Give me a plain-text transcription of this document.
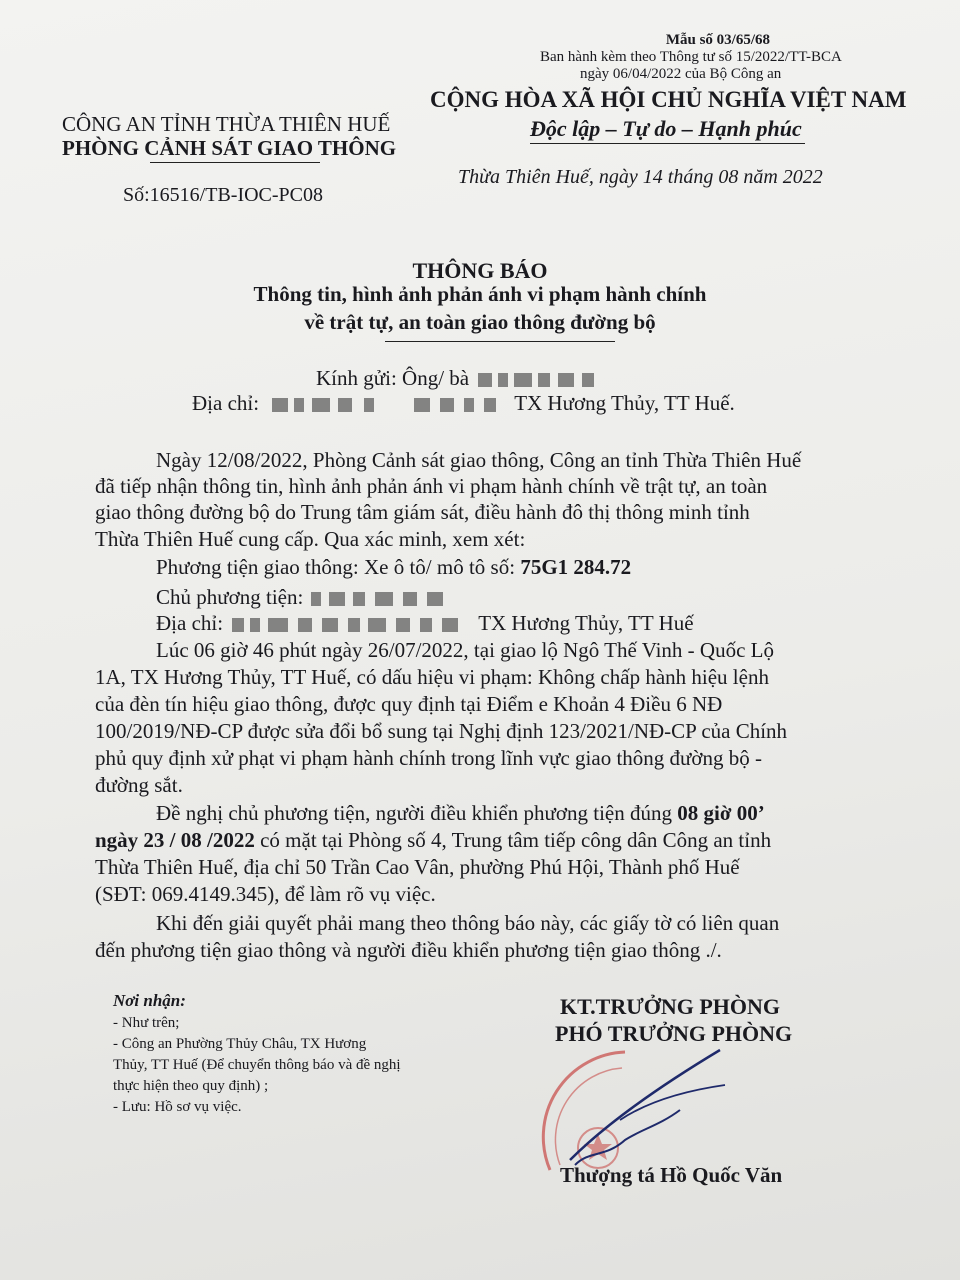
Mẫu số 03/65/68
Ban hành kèm theo Thông tư số 15/2022/TT-BCA
ngày 06/04/2022 của Bộ Công an
CÔNG AN TỈNH THỪA THIÊN HUẾ
PHÒNG CẢNH SÁT GIAO THÔNG
CỘNG HÒA XÃ HỘI CHỦ NGHĨA VIỆT NAM
Độc lập – Tự do – Hạnh phúc
Số:16516/TB-IOC-PC08
Thừa Thiên Huế, ngày 14 tháng 08 năm 2022
THÔNG BÁO
Thông tin, hình ảnh phản ánh vi phạm hành chính
về trật tự, an toàn giao thông đường bộ
Kính gửi: Ông/ bà
Địa chỉ:	TX Hương Thủy, TT Huế.
Ngày 12/08/2022, Phòng Cảnh sát giao thông, Công an tỉnh Thừa Thiên Huế
đã tiếp nhận thông tin, hình ảnh phản ánh vi phạm hành chính về trật tự, an toàn
giao thông đường bộ do Trung tâm giám sát, điều hành đô thị thông minh tỉnh
Thừa Thiên Huế cung cấp. Qua xác minh, xem xét:
Phương tiện giao thông: Xe ô tô/ mô tô số: 75G1 284.72
Chủ phương tiện:
Địa chỉ:	TX Hương Thủy, TT Huế
Lúc 06 giờ 46 phút ngày 26/07/2022, tại giao lộ Ngô Thế Vinh - Quốc Lộ
1A, TX Hương Thủy, TT Huế, có dấu hiệu vi phạm: Không chấp hành hiệu lệnh
của đèn tín hiệu giao thông, được quy định tại Điểm e Khoản 4 Điều 6 NĐ
100/2019/NĐ-CP được sửa đổi bổ sung tại Nghị định 123/2021/NĐ-CP của Chính
phủ quy định xử phạt vi phạm hành chính trong lĩnh vực giao thông đường bộ -
đường sắt.
Đề nghị chủ phương tiện, người điều khiển phương tiện đúng 08 giờ 00’
ngày 23 / 08 /2022 có mặt tại Phòng số 4, Trung tâm tiếp công dân Công an tỉnh
Thừa Thiên Huế, địa chỉ 50 Trần Cao Vân, phường Phú Hội, Thành phố Huế
(SĐT: 069.4149.345), để làm rõ vụ việc.
Khi đến giải quyết phải mang theo thông báo này, các giấy tờ có liên quan
đến phương tiện giao thông và người điều khiển phương tiện giao thông ./.
Nơi nhận:
- Như trên;
- Công an Phường Thủy Châu, TX Hương
Thủy, TT Huế (Để chuyển thông báo và đề nghị
thực hiện theo quy định) ;
- Lưu: Hồ sơ vụ việc.
KT.TRƯỞNG PHÒNG
PHÓ TRƯỞNG PHÒNG
Thượng tá Hồ Quốc Văn
